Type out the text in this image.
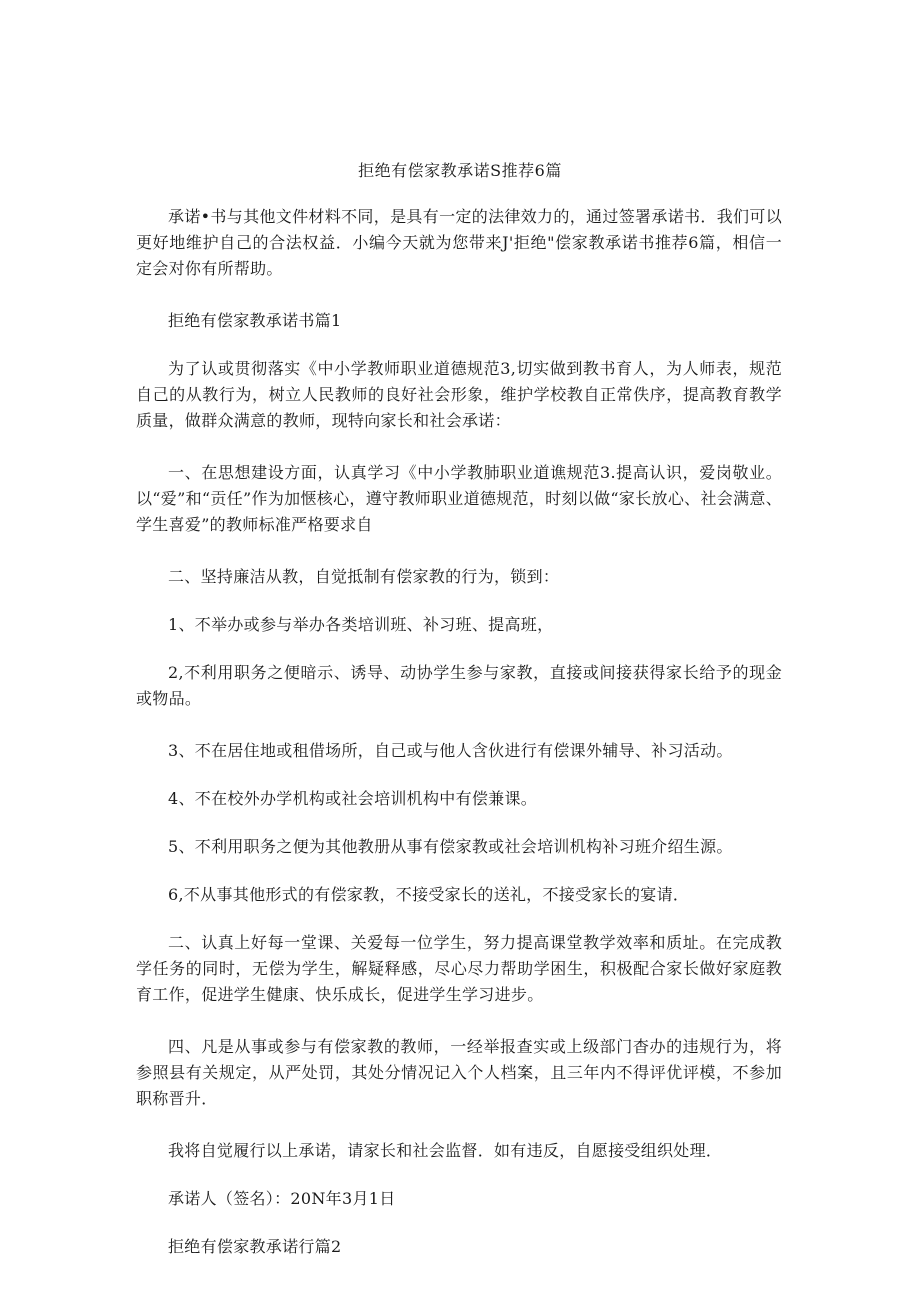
拒绝有偿家教承诺S推荐6篇

承诺•书与其他文件材料不同，是具有一定的法律效力的，通过签署承诺书．我们可以更好地维护自己的合法权益．小编今天就为您带来J'拒绝"偿家教承诺书推荐6篇，相信一定会对你有所帮助。

拒绝有偿家教承诺书篇1

为了认或贯彻落实《中小学教师职业道德规范3,切实做到教书育人，为人师表，规范自己的从教行为，树立人民教师的良好社会形象，维护学校教自正常佚序，提高教育教学质量，做群众满意的教师，现特向家长和社会承诺：

一、在思想建设方面，认真学习《中小学教肺职业道谯规范3.提高认识，爱岗敬业。以“爱”和“贡任”作为加惬核心，遵守教师职业道德规范，时刻以做“家长放心、社会满意、学生喜爱”的教师标准严格要求自

二、坚持廉洁从教，自觉抵制有偿家教的行为，锁到：

1、不举办或参与举办各类培训班、补习班、提高班，

2,不利用职务之便暗示、诱导、动协学生参与家教，直接或间接获得家长给予的现金或物品。

3、不在居住地或租借场所，自己或与他人含伙进行有偿课外辅导、补习活动。

4、不在校外办学机构或社会培训机构中有偿兼课。

5、不利用职务之便为其他教册从事有偿家教或社会培训机构补习班介绍生源。

6,不从事其他形式的有偿家教，不接受家长的送礼，不接受家长的宴请．

二、认真上好每一堂课、关爱每一位学生，努力提高课堂教学效率和质址。在完成教学任务的同时，无偿为学生，解疑释感，尽心尽力帮助学困生，积极配合家长做好家庭教育工作，促进学生健康、快乐成长，促进学生学习进步。

四、凡是从事或参与有偿家教的教师，一经举报查实或上级部门杳办的违规行为，将参照县有关规定，从严处罚，其处分情况记入个人档案，且三年内不得评优评模，不参加职称晋升．

我将自觉履行以上承诺，请家长和社会监督．如有违反，自愿接受组织处理．

承诺人（签名）：20N年3月1日

拒绝有偿家教承诺行篇2
